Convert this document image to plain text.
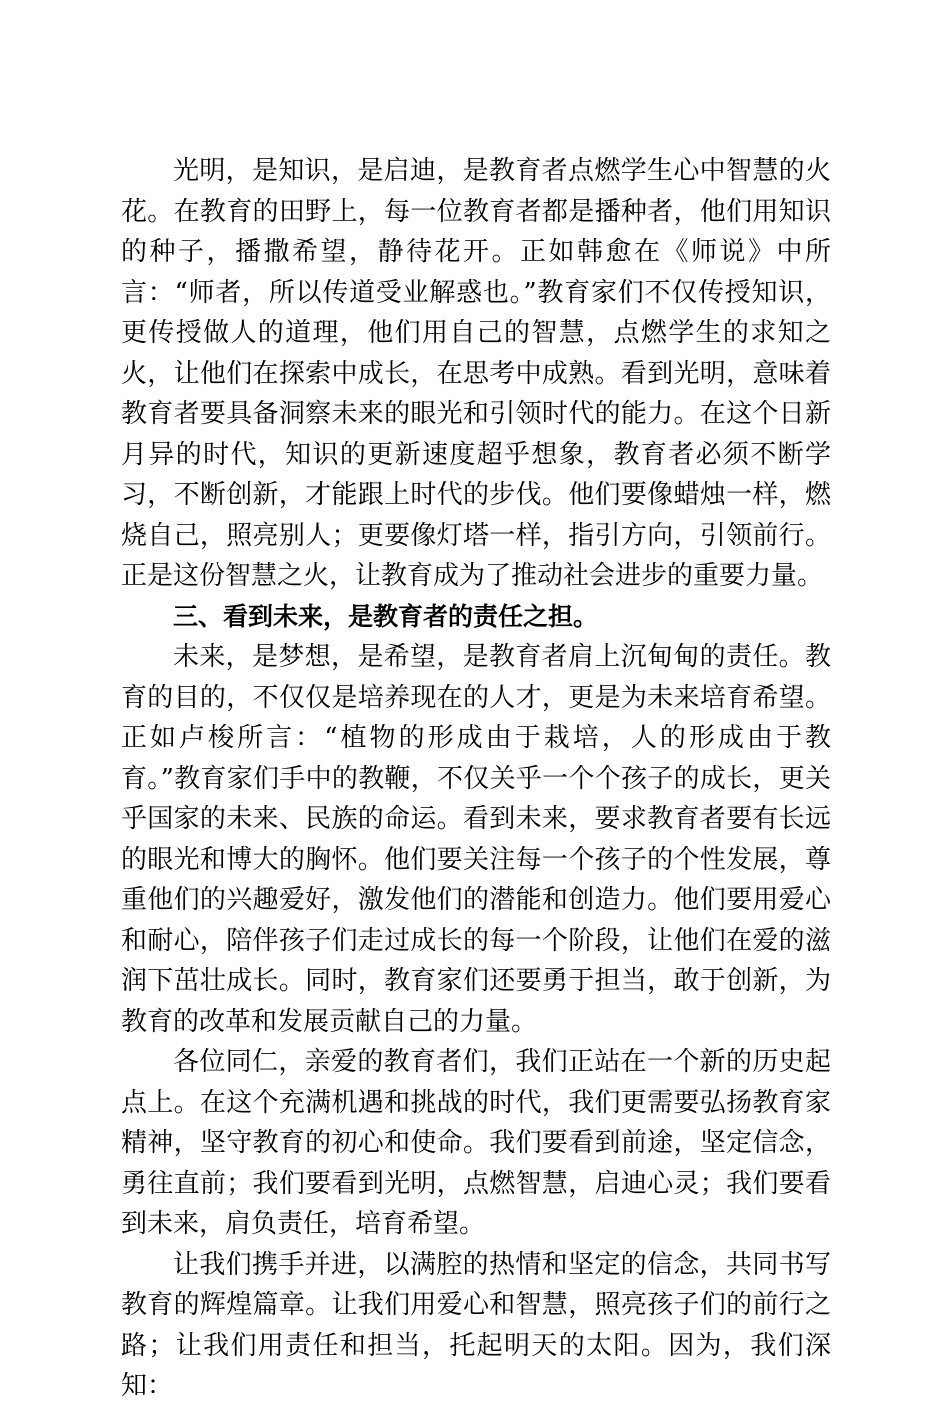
光明，是知识，是启迪，是教育者点燃学生心中智慧的火花。在教育的田野上，每一位教育者都是播种者，他们用知识的种子，播撒希望，静待花开。正如韩愈在《师说》中所言：“师者，所以传道受业解惑也。”教育家们不仅传授知识，更传授做人的道理，他们用自己的智慧，点燃学生的求知之火，让他们在探索中成长，在思考中成熟。看到光明，意味着教育者要具备洞察未来的眼光和引领时代的能力。在这个日新月异的时代，知识的更新速度超乎想象，教育者必须不断学习，不断创新，才能跟上时代的步伐。他们要像蜡烛一样，燃烧自己，照亮别人；更要像灯塔一样，指引方向，引领前行。正是这份智慧之火，让教育成为了推动社会进步的重要力量。

三、看到未来，是教育者的责任之担。

未来，是梦想，是希望，是教育者肩上沉甸甸的责任。教育的目的，不仅仅是培养现在的人才，更是为未来培育希望。正如卢梭所言：“植物的形成由于栽培，人的形成由于教育。”教育家们手中的教鞭，不仅关乎一个个孩子的成长，更关乎国家的未来、民族的命运。看到未来，要求教育者要有长远的眼光和博大的胸怀。他们要关注每一个孩子的个性发展，尊重他们的兴趣爱好，激发他们的潜能和创造力。他们要用爱心和耐心，陪伴孩子们走过成长的每一个阶段，让他们在爱的滋润下茁壮成长。同时，教育家们还要勇于担当，敢于创新，为教育的改革和发展贡献自己的力量。

各位同仁，亲爱的教育者们，我们正站在一个新的历史起点上。在这个充满机遇和挑战的时代，我们更需要弘扬教育家精神，坚守教育的初心和使命。我们要看到前途，坚定信念，勇往直前；我们要看到光明，点燃智慧，启迪心灵；我们要看到未来，肩负责任，培育希望。

让我们携手并进，以满腔的热情和坚定的信念，共同书写教育的辉煌篇章。让我们用爱心和智慧，照亮孩子们的前行之路；让我们用责任和担当，托起明天的太阳。因为，我们深知：
